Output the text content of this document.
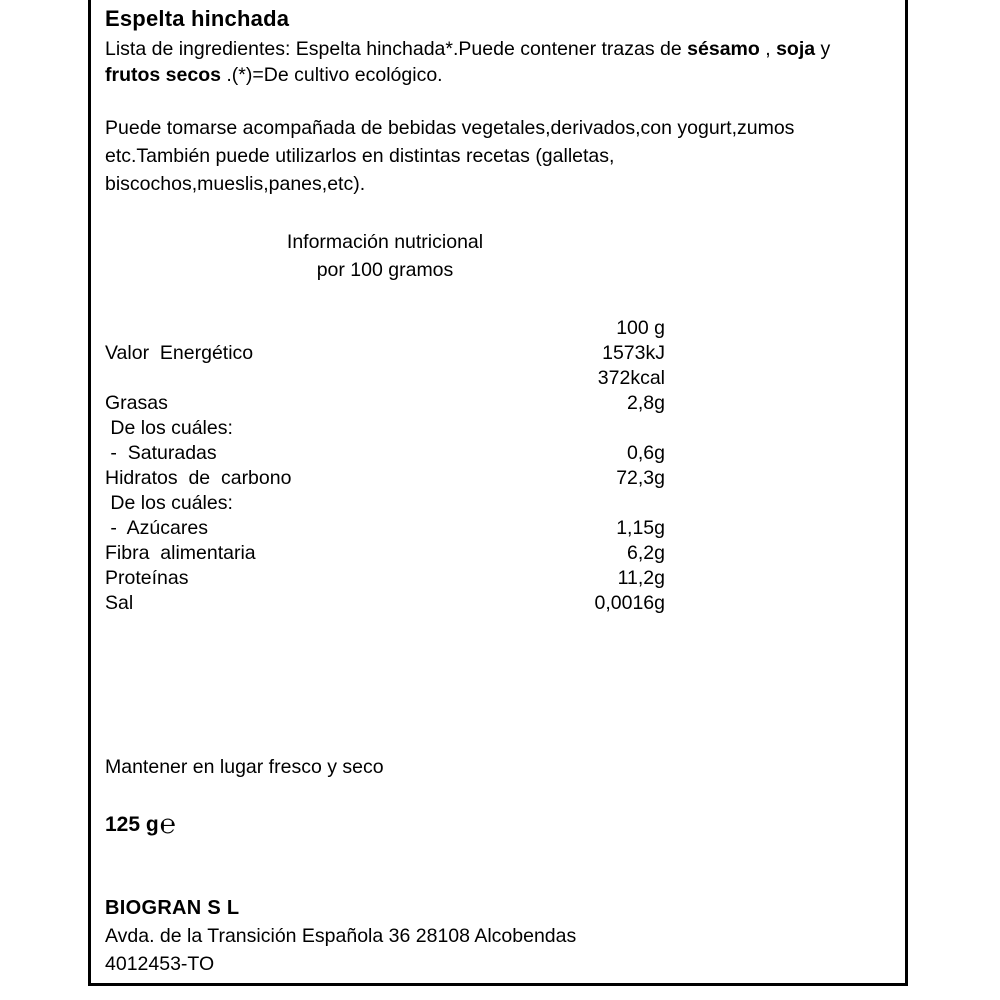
Espelta hinchada
Lista de ingredientes: Espelta hinchada*.Puede contener trazas de sésamo , soja y frutos secos .(*)=De cultivo ecológico.
Puede tomarse acompañada de bebidas vegetales,derivados,con yogurt,zumos etc.También puede utilizarlos en distintas recetas (galletas, biscochos,mueslis,panes,etc).
Información nutricional
por 100 gramos
100 g
Valor  Energético	1573kJ
372kcal
Grasas	2,8g
De los cuáles:
-  Saturadas	0,6g
Hidratos  de  carbono	72,3g
De los cuáles:
-  Azúcares	1,15g
Fibra  alimentaria	6,2g
Proteínas	11,2g
Sal	0,0016g
Mantener en lugar fresco y seco
125 g℮
BIOGRAN S L
Avda. de la Transición Española 36 28108 Alcobendas
4012453-TO
